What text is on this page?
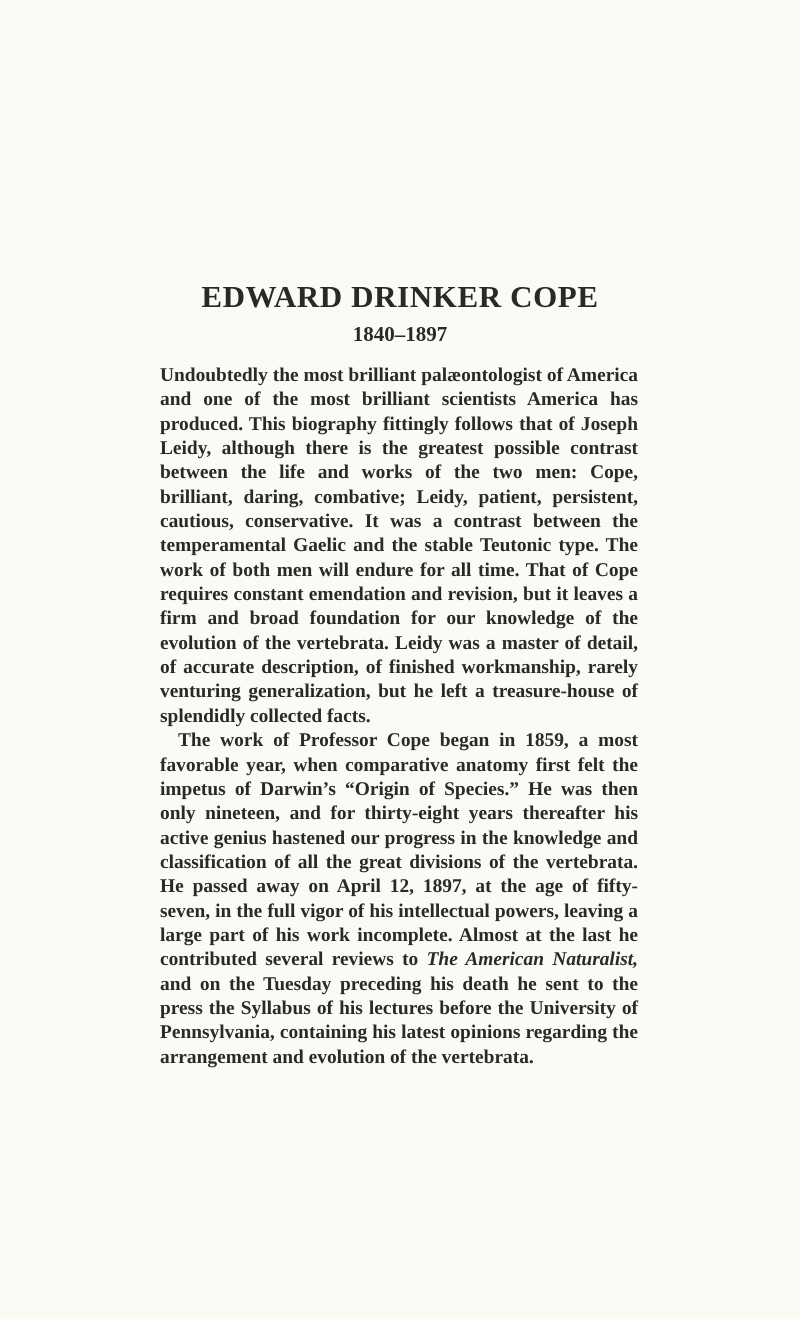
EDWARD DRINKER COPE
1840–1897

Undoubtedly the most brilliant palæontologist of America and one of the most brilliant scientists America has produced. This biography fittingly follows that of Joseph Leidy, although there is the greatest possible contrast between the life and works of the two men: Cope, brilliant, daring, combative; Leidy, patient, persistent, cautious, conservative. It was a contrast between the temperamental Gaelic and the stable Teutonic type. The work of both men will endure for all time. That of Cope requires constant emendation and revision, but it leaves a firm and broad foundation for our knowledge of the evolution of the vertebrata. Leidy was a master of detail, of accurate description, of finished workmanship, rarely venturing generalization, but he left a treasure-house of splendidly collected facts.

The work of Professor Cope began in 1859, a most favorable year, when comparative anatomy first felt the impetus of Darwin’s “Origin of Species.” He was then only nineteen, and for thirty-eight years thereafter his active genius hastened our progress in the knowledge and classification of all the great divisions of the vertebrata. He passed away on April 12, 1897, at the age of fifty-seven, in the full vigor of his intellectual powers, leaving a large part of his work incomplete. Almost at the last he contributed several reviews to The American Naturalist, and on the Tuesday preceding his death he sent to the press the Syllabus of his lectures before the University of Pennsylvania, containing his latest opinions regarding the arrangement and evolution of the vertebrata.
